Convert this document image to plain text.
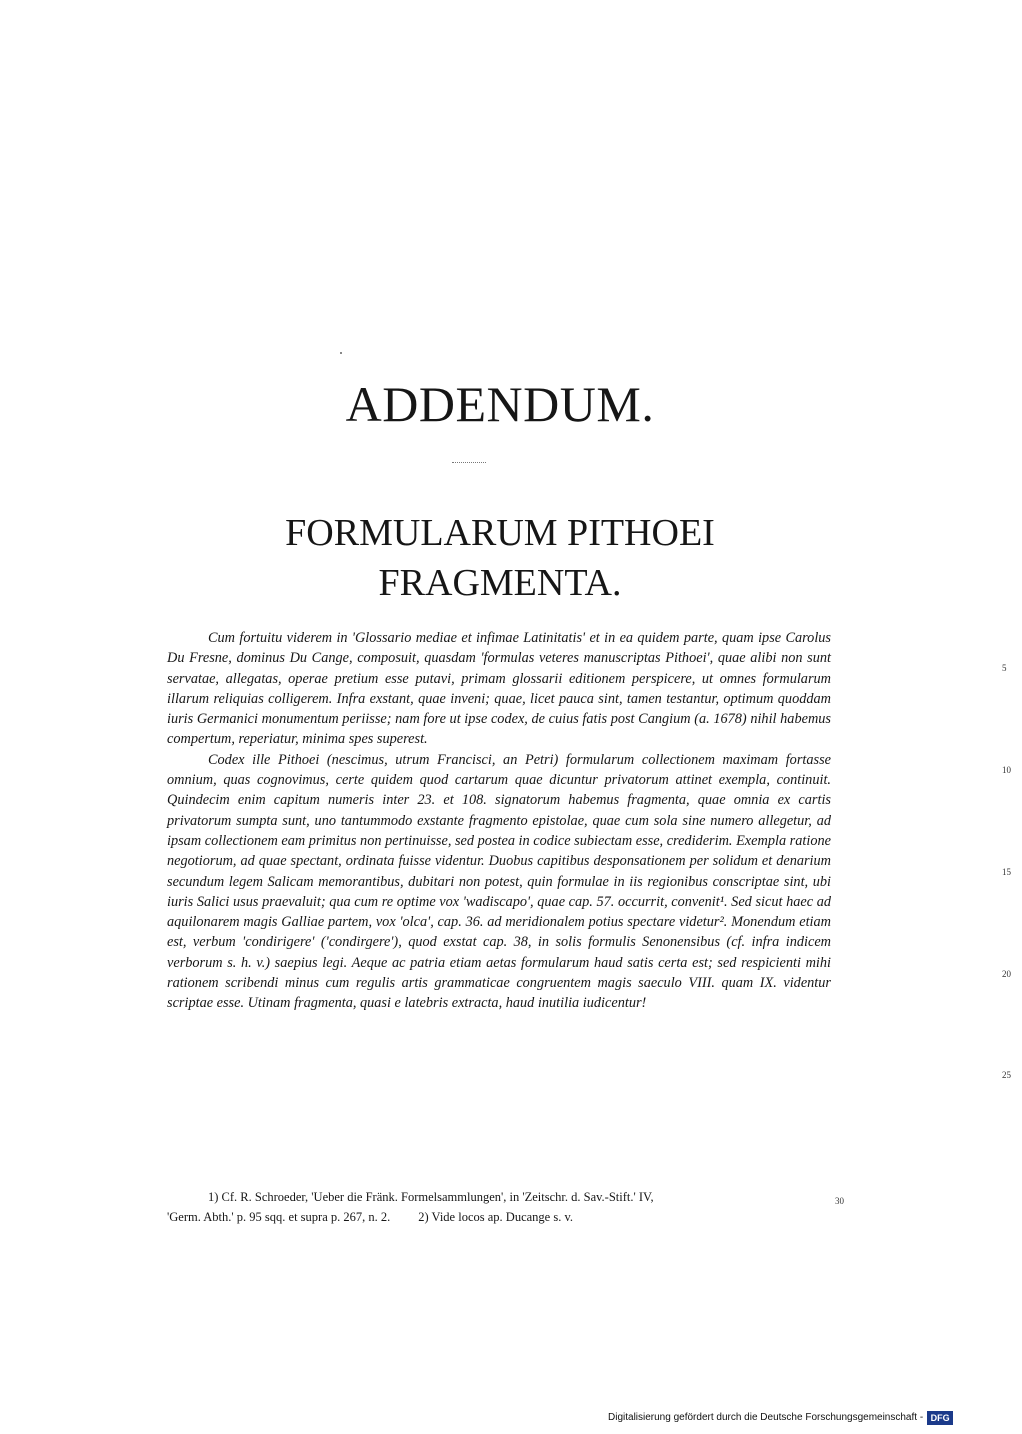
ADDENDUM.
FORMULARUM PITHOEI
FRAGMENTA.

Cum fortuitu viderem in 'Glossario mediae et infimae Latinitatis' et in ea quidem parte, quam ipse Carolus Du Fresne, dominus Du Cange, composuit, quasdam 'formulas veteres manuscriptas Pithoei', quae alibi non sunt servatae, allegatas, operae pretium esse putavi, primam glossarii editionem perspicere, ut omnes formularum illarum reliquias colligerem. Infra exstant, quae inveni; quae, licet pauca sint, tamen testantur, optimum quoddam iuris Germanici monumentum periisse; nam fore ut ipse codex, de cuius fatis post Cangium (a. 1678) nihil habemus compertum, reperiatur, minima spes superest.

Codex ille Pithoei (nescimus, utrum Francisci, an Petri) formularum collectionem maximam fortasse omnium, quas cognovimus, certe quidem quod cartarum quae dicuntur privatorum attinet exempla, continuit. Quindecim enim capitum numeris inter 23. et 108. signatorum habemus fragmenta, quae omnia ex cartis privatorum sumpta sunt, uno tantummodo exstante fragmento epistolae, quae cum sola sine numero allegetur, ad ipsam collectionem eam primitus non pertinuisse, sed postea in codice subiectam esse, crediderim. Exempla ratione negotiorum, ad quae spectant, ordinata fuisse videntur. Duobus capitibus desponsationem per solidum et denarium secundum legem Salicam memorantibus, dubitari non potest, quin formulae in iis regionibus conscriptae sint, ubi iuris Salici usus praevaluit; qua cum re optime vox 'wadiscapo', quae cap. 57. occurrit, convenit¹. Sed sicut haec ad aquilonarem magis Galliae partem, vox 'olca', cap. 36. ad meridionalem potius spectare videtur². Monendum etiam est, verbum 'condirigere' ('condirgere'), quod exstat cap. 38, in solis formulis Senonensibus (cf. infra indicem verborum s. h. v.) saepius legi. Aeque ac patria etiam aetas formularum haud satis certa est; sed respicienti mihi rationem scribendi minus cum regulis artis grammaticae congruentem magis saeculo VIII. quam IX. videntur scriptae esse. Utinam fragmenta, quasi e latebris extracta, haud inutilia iudicentur!

5
10
15
20
25
1) Cf. R. Schroeder, 'Ueber die Fränk. Formelsammlungen', in 'Zeitschr. d. Sav.-Stift.' IV,
'Germ. Abth.' p. 95 sqq. et supra p. 267, n. 2. 2) Vide locos ap. Ducange s. v.
30
Digitalisierung gefördert durch die Deutsche Forschungsgemeinschaft - DFG
